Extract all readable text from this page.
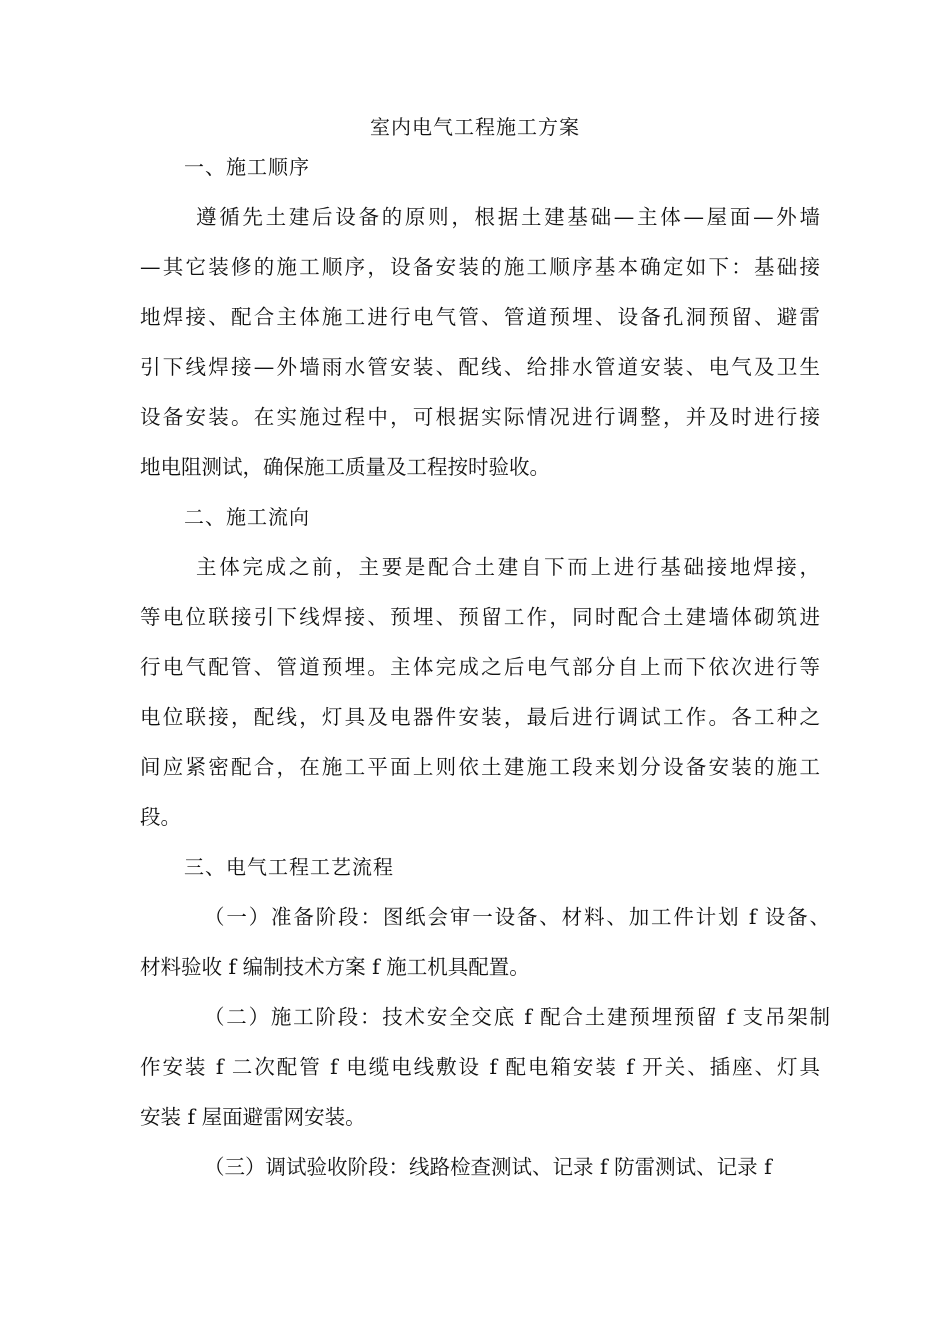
室内电气工程施工方案
一、施工顺序
遵循先土建后设备的原则，根据土建基础—主体—屋面—外墙
—其它装修的施工顺序，设备安装的施工顺序基本确定如下：基础接
地焊接、配合主体施工进行电气管、管道预埋、设备孔洞预留、避雷
引下线焊接—外墙雨水管安装、配线、给排水管道安装、电气及卫生
设备安装。在实施过程中，可根据实际情况进行调整，并及时进行接
地电阻测试，确保施工质量及工程按时验收。
二、施工流向
主体完成之前，主要是配合土建自下而上进行基础接地焊接，
等电位联接引下线焊接、预埋、预留工作，同时配合土建墙体砌筑进
行电气配管、管道预埋。主体完成之后电气部分自上而下依次进行等
电位联接，配线，灯具及电器件安装，最后进行调试工作。各工种之
间应紧密配合，在施工平面上则依土建施工段来划分设备安装的施工
段。
三、电气工程工艺流程
（一）准备阶段：图纸会审一设备、材料、加工件计划 f 设备、
材料验收 f 编制技术方案 f 施工机具配置。
（二）施工阶段：技术安全交底 f 配合土建预埋预留 f 支吊架制
作安装 f 二次配管 f 电缆电线敷设 f 配电箱安装 f 开关、插座、灯具
安装 f 屋面避雷网安装。
（三）调试验收阶段：线路检查测试、记录 f 防雷测试、记录 f
